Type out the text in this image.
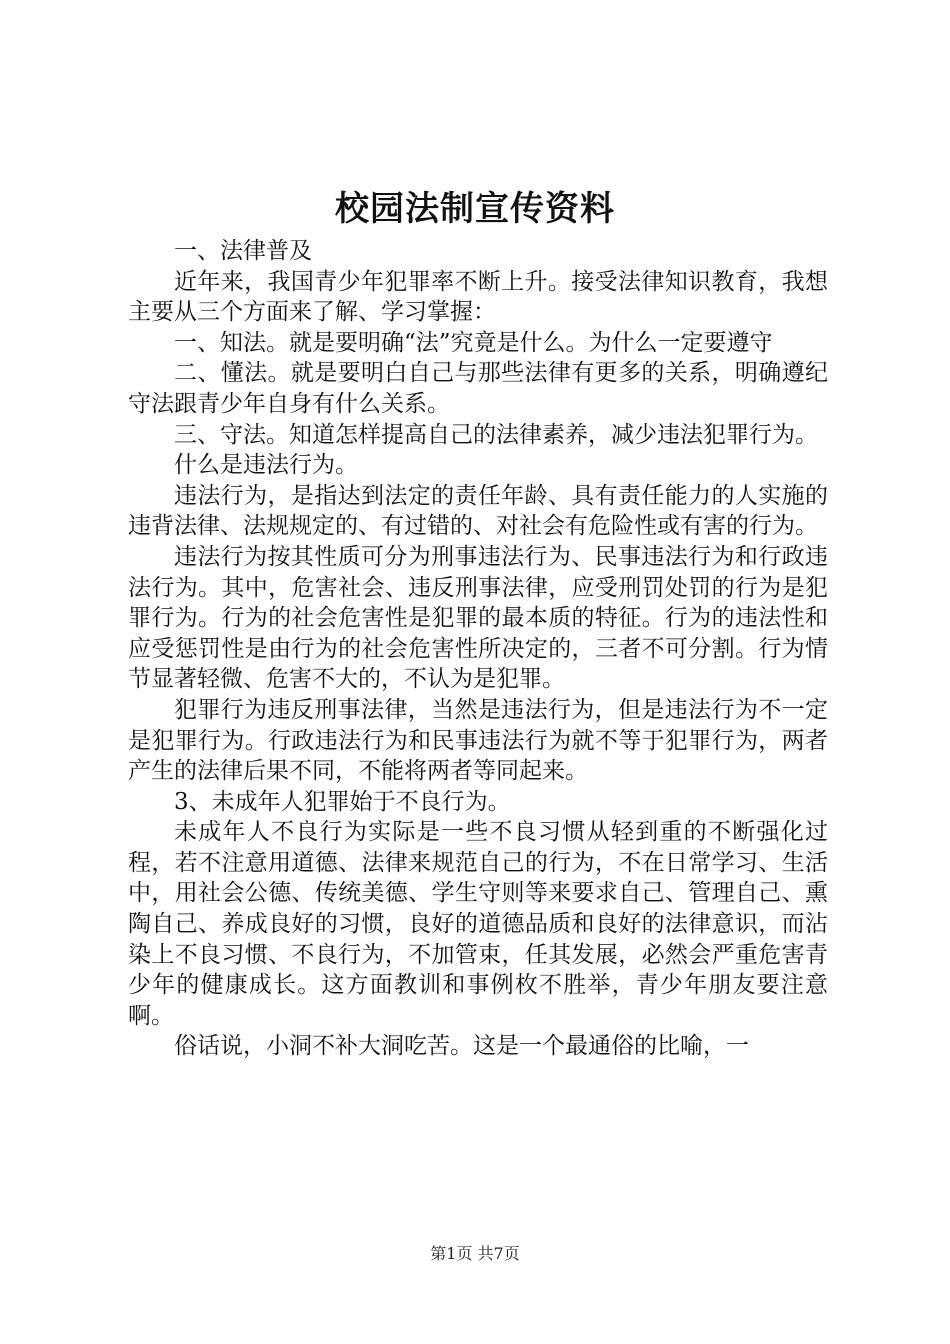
校园法制宣传资料

一、法律普及

近年来，我国青少年犯罪率不断上升。接受法律知识教育，我想主要从三个方面来了解、学习掌握：

一、知法。就是要明确“法”究竟是什么。为什么一定要遵守

二、懂法。就是要明白自己与那些法律有更多的关系，明确遵纪守法跟青少年自身有什么关系。

三、守法。知道怎样提高自己的法律素养，减少违法犯罪行为。

什么是违法行为。

违法行为，是指达到法定的责任年龄、具有责任能力的人实施的违背法律、法规规定的、有过错的、对社会有危险性或有害的行为。

违法行为按其性质可分为刑事违法行为、民事违法行为和行政违法行为。其中，危害社会、违反刑事法律，应受刑罚处罚的行为是犯罪行为。行为的社会危害性是犯罪的最本质的特征。行为的违法性和应受惩罚性是由行为的社会危害性所决定的，三者不可分割。行为情节显著轻微、危害不大的，不认为是犯罪。

犯罪行为违反刑事法律，当然是违法行为，但是违法行为不一定是犯罪行为。行政违法行为和民事违法行为就不等于犯罪行为，两者产生的法律后果不同，不能将两者等同起来。

3、未成年人犯罪始于不良行为。

未成年人不良行为实际是一些不良习惯从轻到重的不断强化过程，若不注意用道德、法律来规范自己的行为，不在日常学习、生活中，用社会公德、传统美德、学生守则等来要求自己、管理自己、熏陶自己、养成良好的习惯，良好的道德品质和良好的法律意识，而沾染上不良习惯、不良行为，不加管束，任其发展，必然会严重危害青少年的健康成长。这方面教训和事例枚不胜举，青少年朋友要注意啊。

俗话说，小洞不补大洞吃苦。这是一个最通俗的比喻，一

第1页 共7页
